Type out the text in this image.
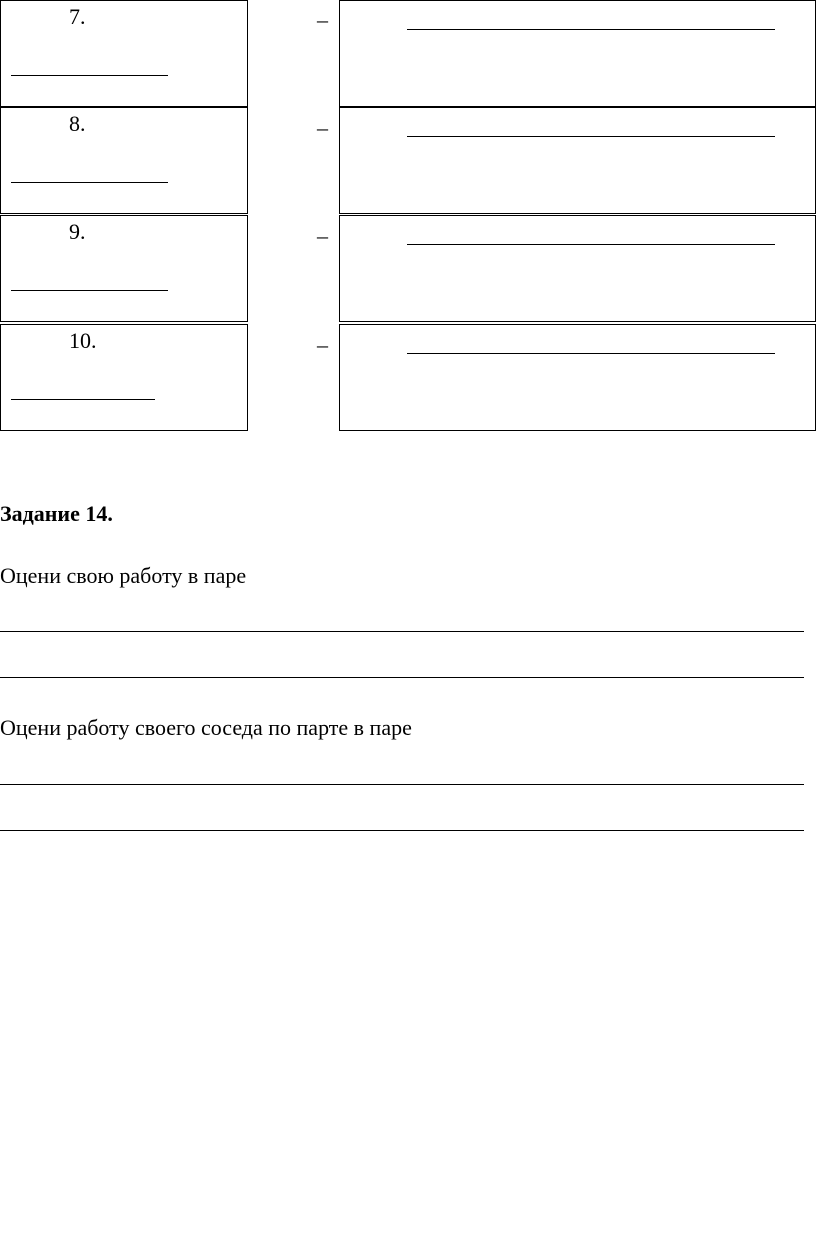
7.	–
8.	–
9.	–
10.	–
Задание 14.
Оцени свою работу в паре
Оцени работу своего соседа по парте в паре
